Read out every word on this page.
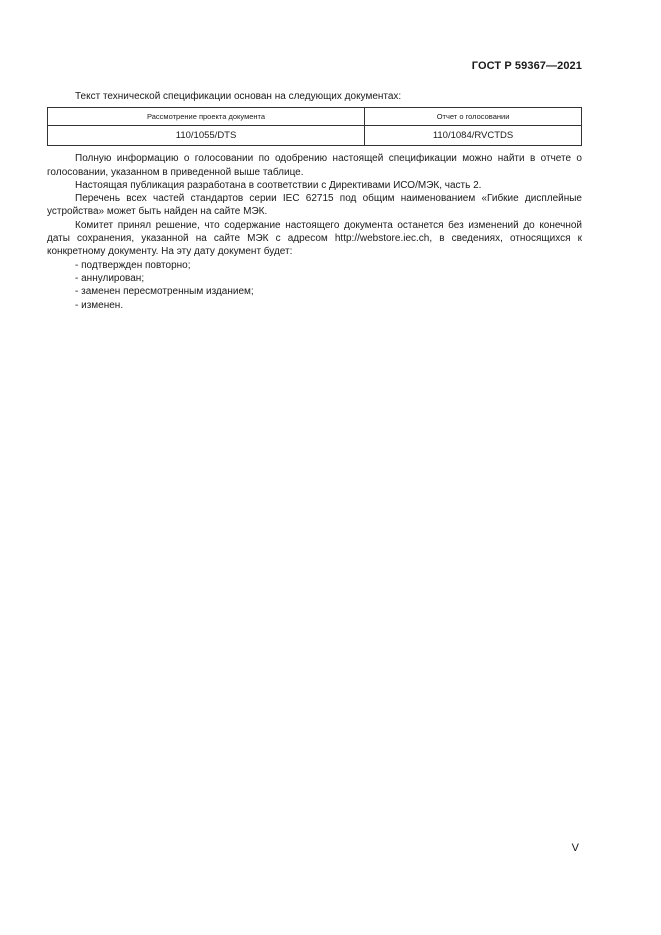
ГОСТ Р 59367—2021

Текст технической спецификации основан на следующих документах:

Рассмотрение проекта документа	Отчет о голосовании
110/1055/DTS	110/1084/RVCTDS

Полную информацию о голосовании по одобрению настоящей спецификации можно найти в отчете о голосовании, указанном в приведенной выше таблице.

Настоящая публикация разработана в соответствии с Директивами ИСО/МЭК, часть 2.

Перечень всех частей стандартов серии IEC 62715 под общим наименованием «Гибкие дисплейные устройства» может быть найден на сайте МЭК.

Комитет принял решение, что содержание настоящего документа останется без изменений до конечной даты сохранения, указанной на сайте МЭК с адресом http://webstore.iec.ch, в сведениях, относящихся к конкретному документу. На эту дату документ будет:

- подтвержден повторно;
- аннулирован;
- заменен пересмотренным изданием;
- изменен.
V
